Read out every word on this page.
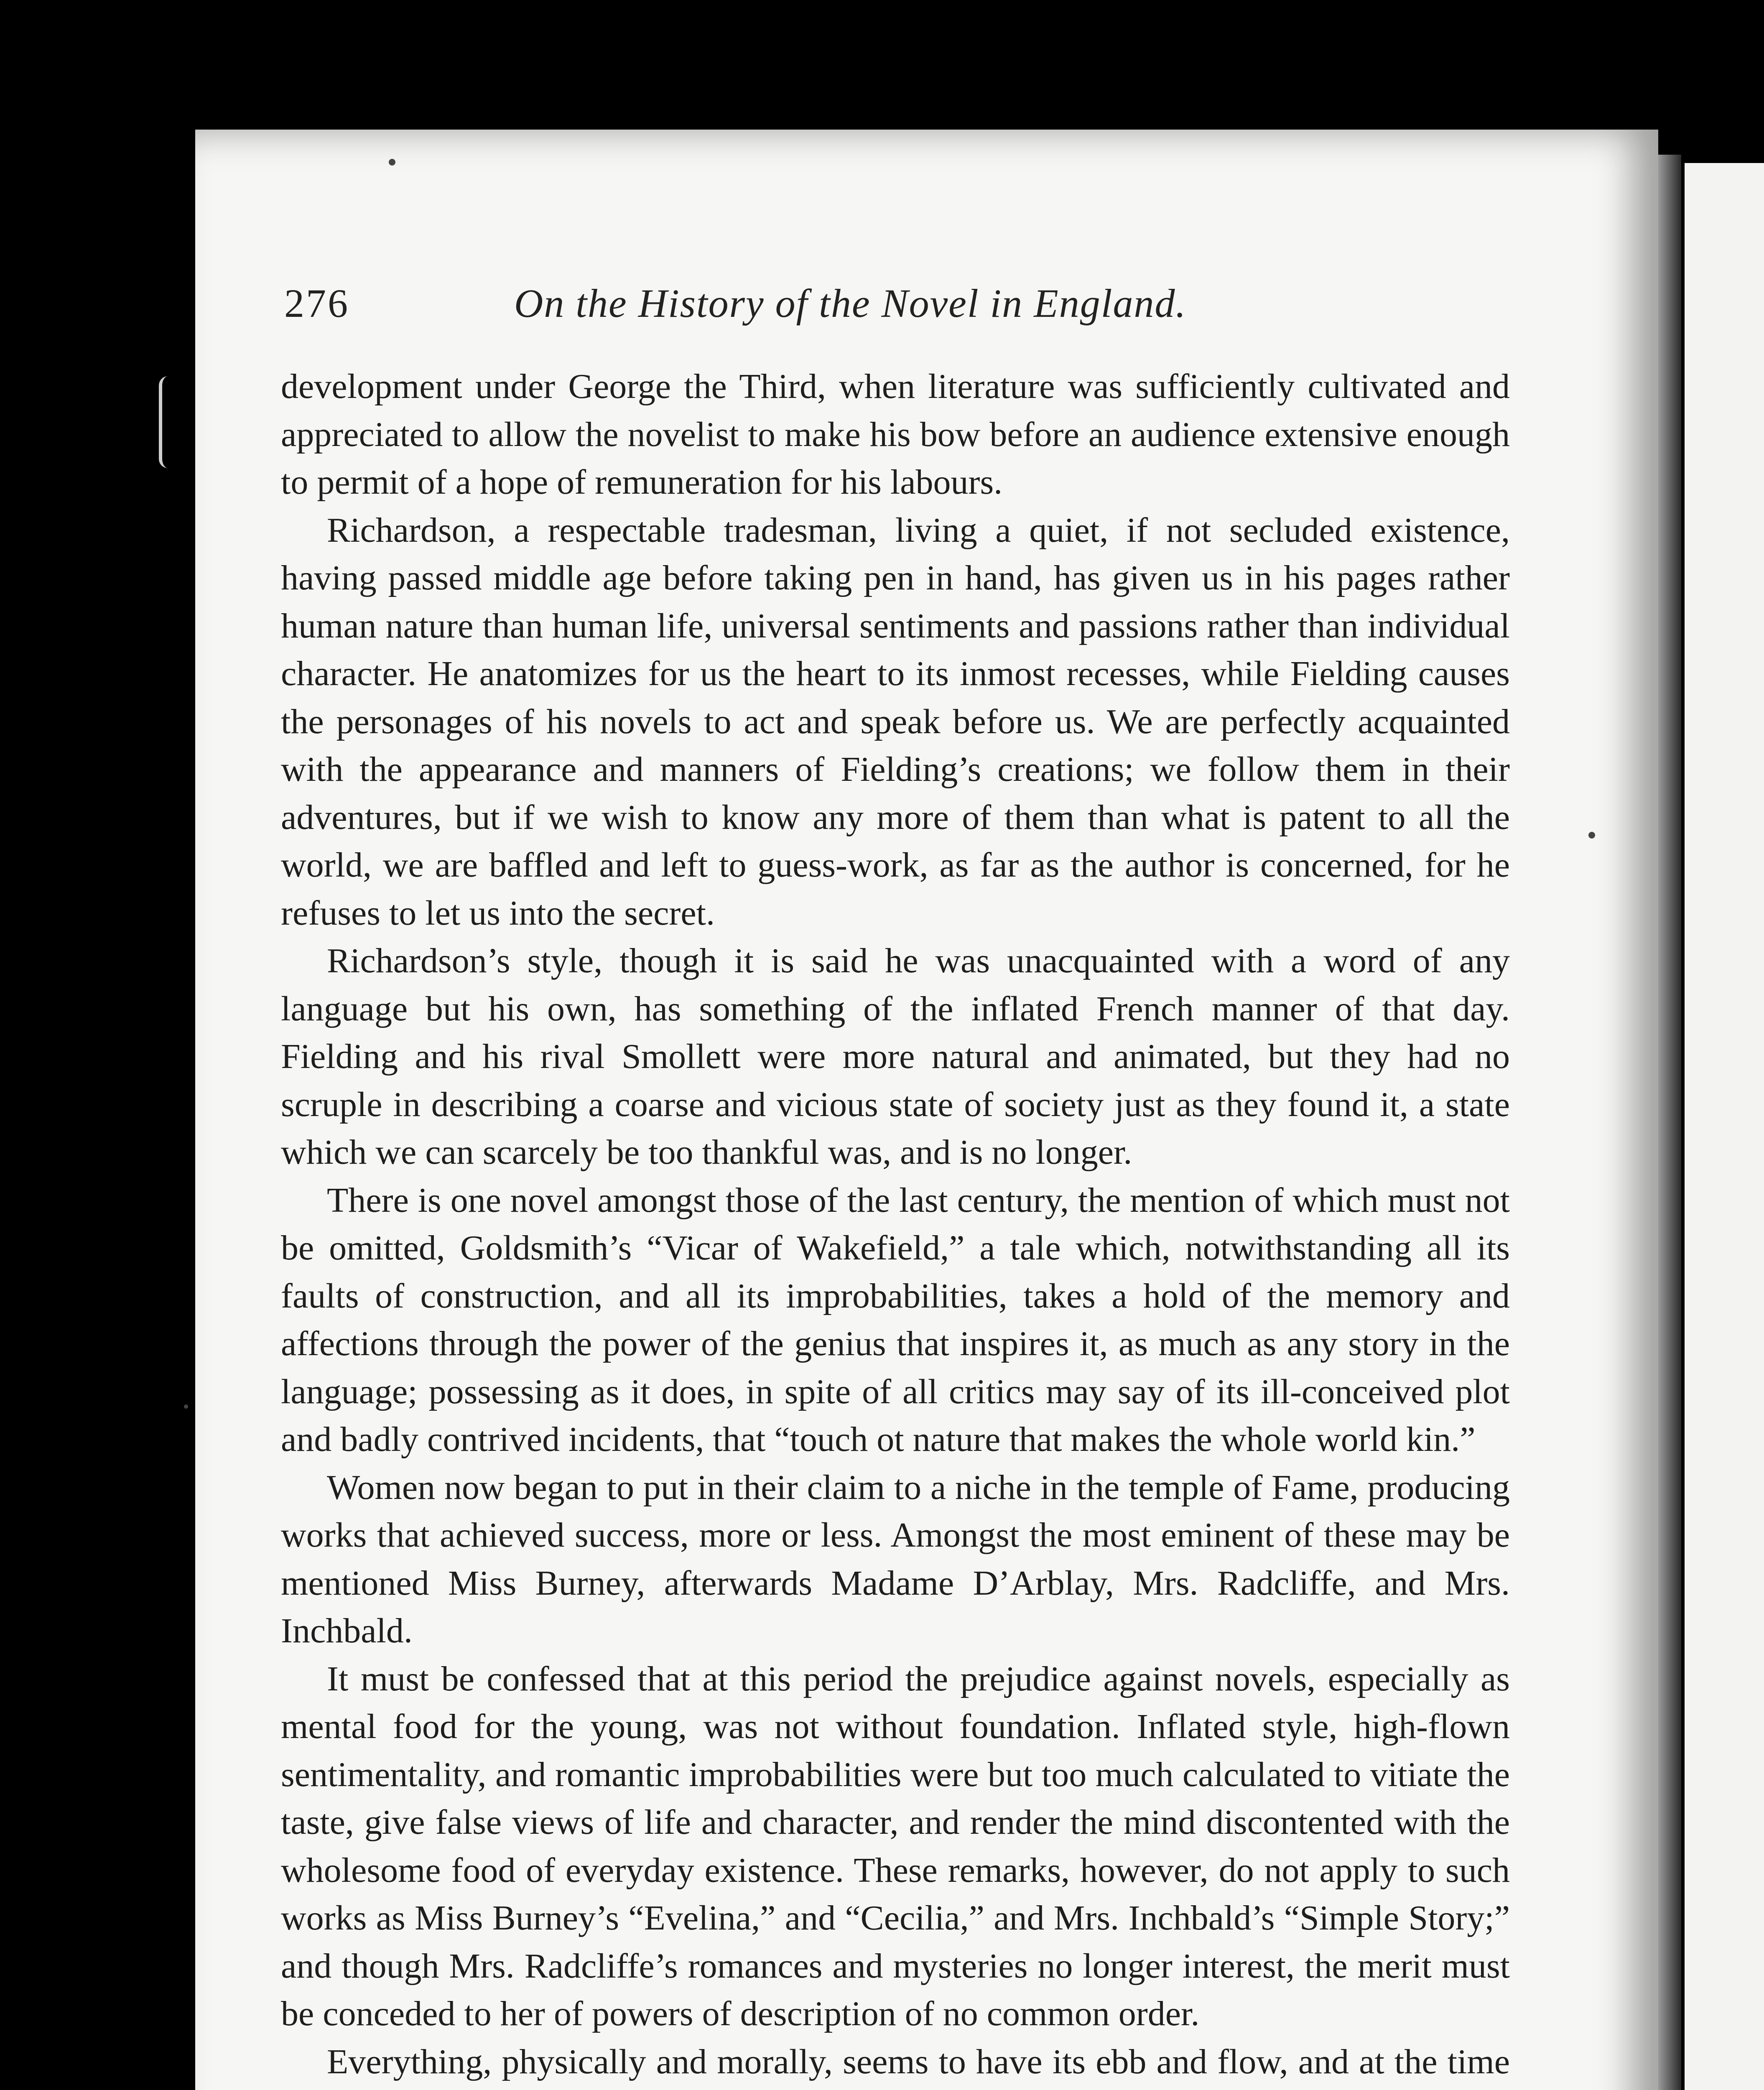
276	On the History of the Novel in England.

development under George the Third, when literature was sufficiently cultivated and appreciated to allow the novelist to make his bow before an audience extensive enough to permit of a hope of remuneration for his labours.

Richardson, a respectable tradesman, living a quiet, if not secluded existence, having passed middle age before taking pen in hand, has given us in his pages rather human nature than human life, universal sentiments and passions rather than individual character. He anatomizes for us the heart to its inmost recesses, while Fielding causes the personages of his novels to act and speak before us. We are perfectly acquainted with the appearance and manners of Fielding’s creations; we follow them in their adventures, but if we wish to know any more of them than what is patent to all the world, we are baffled and left to guess-work, as far as the author is concerned, for he refuses to let us into the secret.

Richardson’s style, though it is said he was unacquainted with a word of any language but his own, has something of the inflated French manner of that day. Fielding and his rival Smollett were more natural and animated, but they had no scruple in describing a coarse and vicious state of society just as they found it, a state which we can scarcely be too thankful was, and is no longer.

There is one novel amongst those of the last century, the mention of which must not be omitted, Goldsmith’s “Vicar of Wakefield,” a tale which, notwithstanding all its faults of construction, and all its improbabilities, takes a hold of the memory and affections through the power of the genius that inspires it, as much as any story in the language; possessing as it does, in spite of all critics may say of its ill-conceived plot and badly contrived incidents, that “touch ot nature that makes the whole world kin.”

Women now began to put in their claim to a niche in the temple of Fame, producing works that achieved success, more or less. Amongst the most eminent of these may be mentioned Miss Burney, afterwards Madame D’Arblay, Mrs. Radcliffe, and Mrs. Inchbald.

It must be confessed that at this period the prejudice against novels, especially as mental food for the young, was not without foundation. Inflated style, high-flown sentimentality, and romantic improbabilities were but too much calculated to vitiate the taste, give false views of life and character, and render the mind discontented with the wholesome food of everyday existence. These remarks, however, do not apply to such works as Miss Burney’s “Evelina,” and “Cecilia,” and Mrs. Inchbald’s “Simple Story;” and though Mrs. Radcliffe’s romances and mysteries no longer interest, the merit must be conceded to her of powers of description of no common order.

Everything, physically and morally, seems to have its ebb and flow, and at the time
